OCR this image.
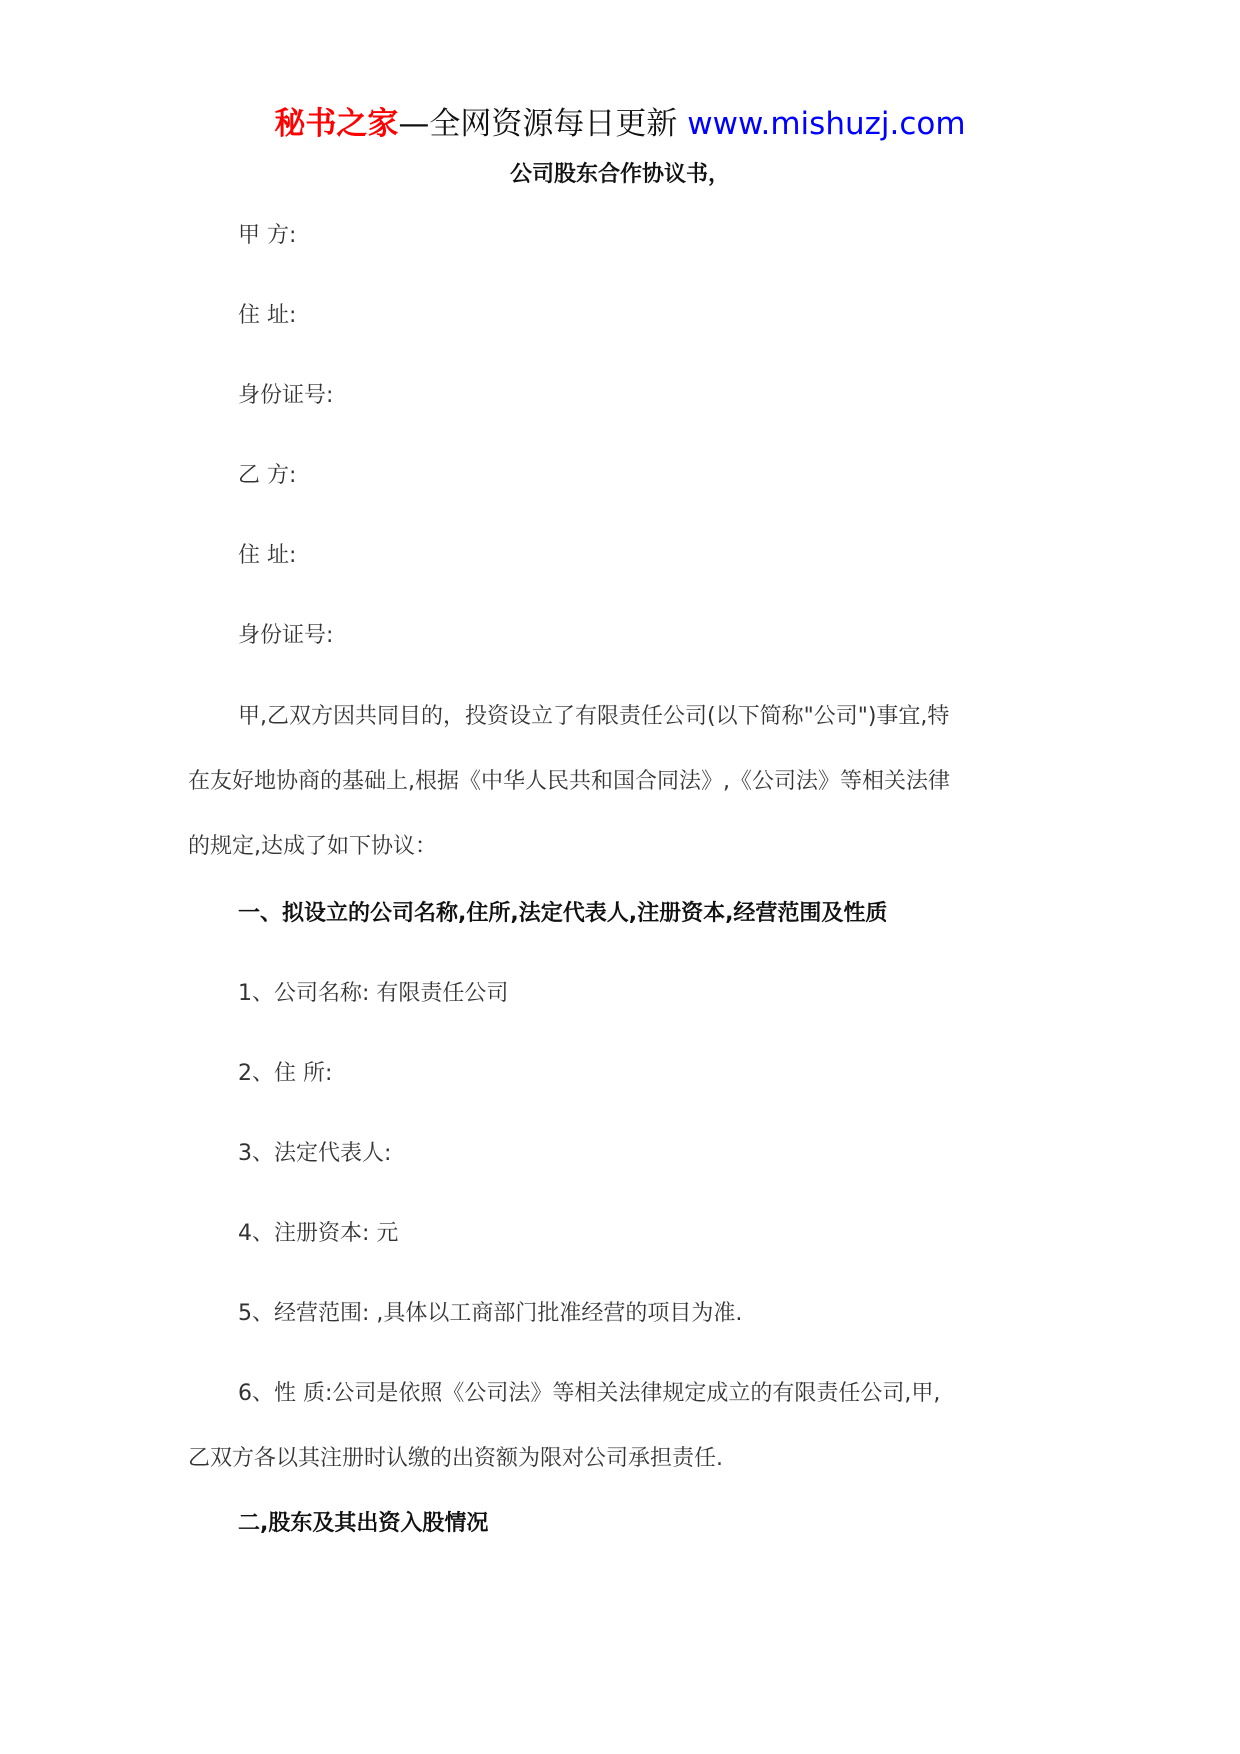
秘书之家—全网资源每日更新 www.mishuzj.com
公司股东合作协议书，
甲 方:
住 址:
身份证号:
乙 方:
住 址:
身份证号:
甲,乙双方因共同目的，投资设立了有限责任公司(以下简称"公司")事宜,特
在友好地协商的基础上,根据《中华人民共和国合同法》,《公司法》等相关法律
的规定,达成了如下协议：
一、拟设立的公司名称,住所,法定代表人,注册资本,经营范围及性质
1、公司名称: 有限责任公司
2、住 所:
3、法定代表人:
4、注册资本: 元
5、经营范围: ,具体以工商部门批准经营的项目为准.
6、性 质:公司是依照《公司法》等相关法律规定成立的有限责任公司,甲,
乙双方各以其注册时认缴的出资额为限对公司承担责任.
二,股东及其出资入股情况
